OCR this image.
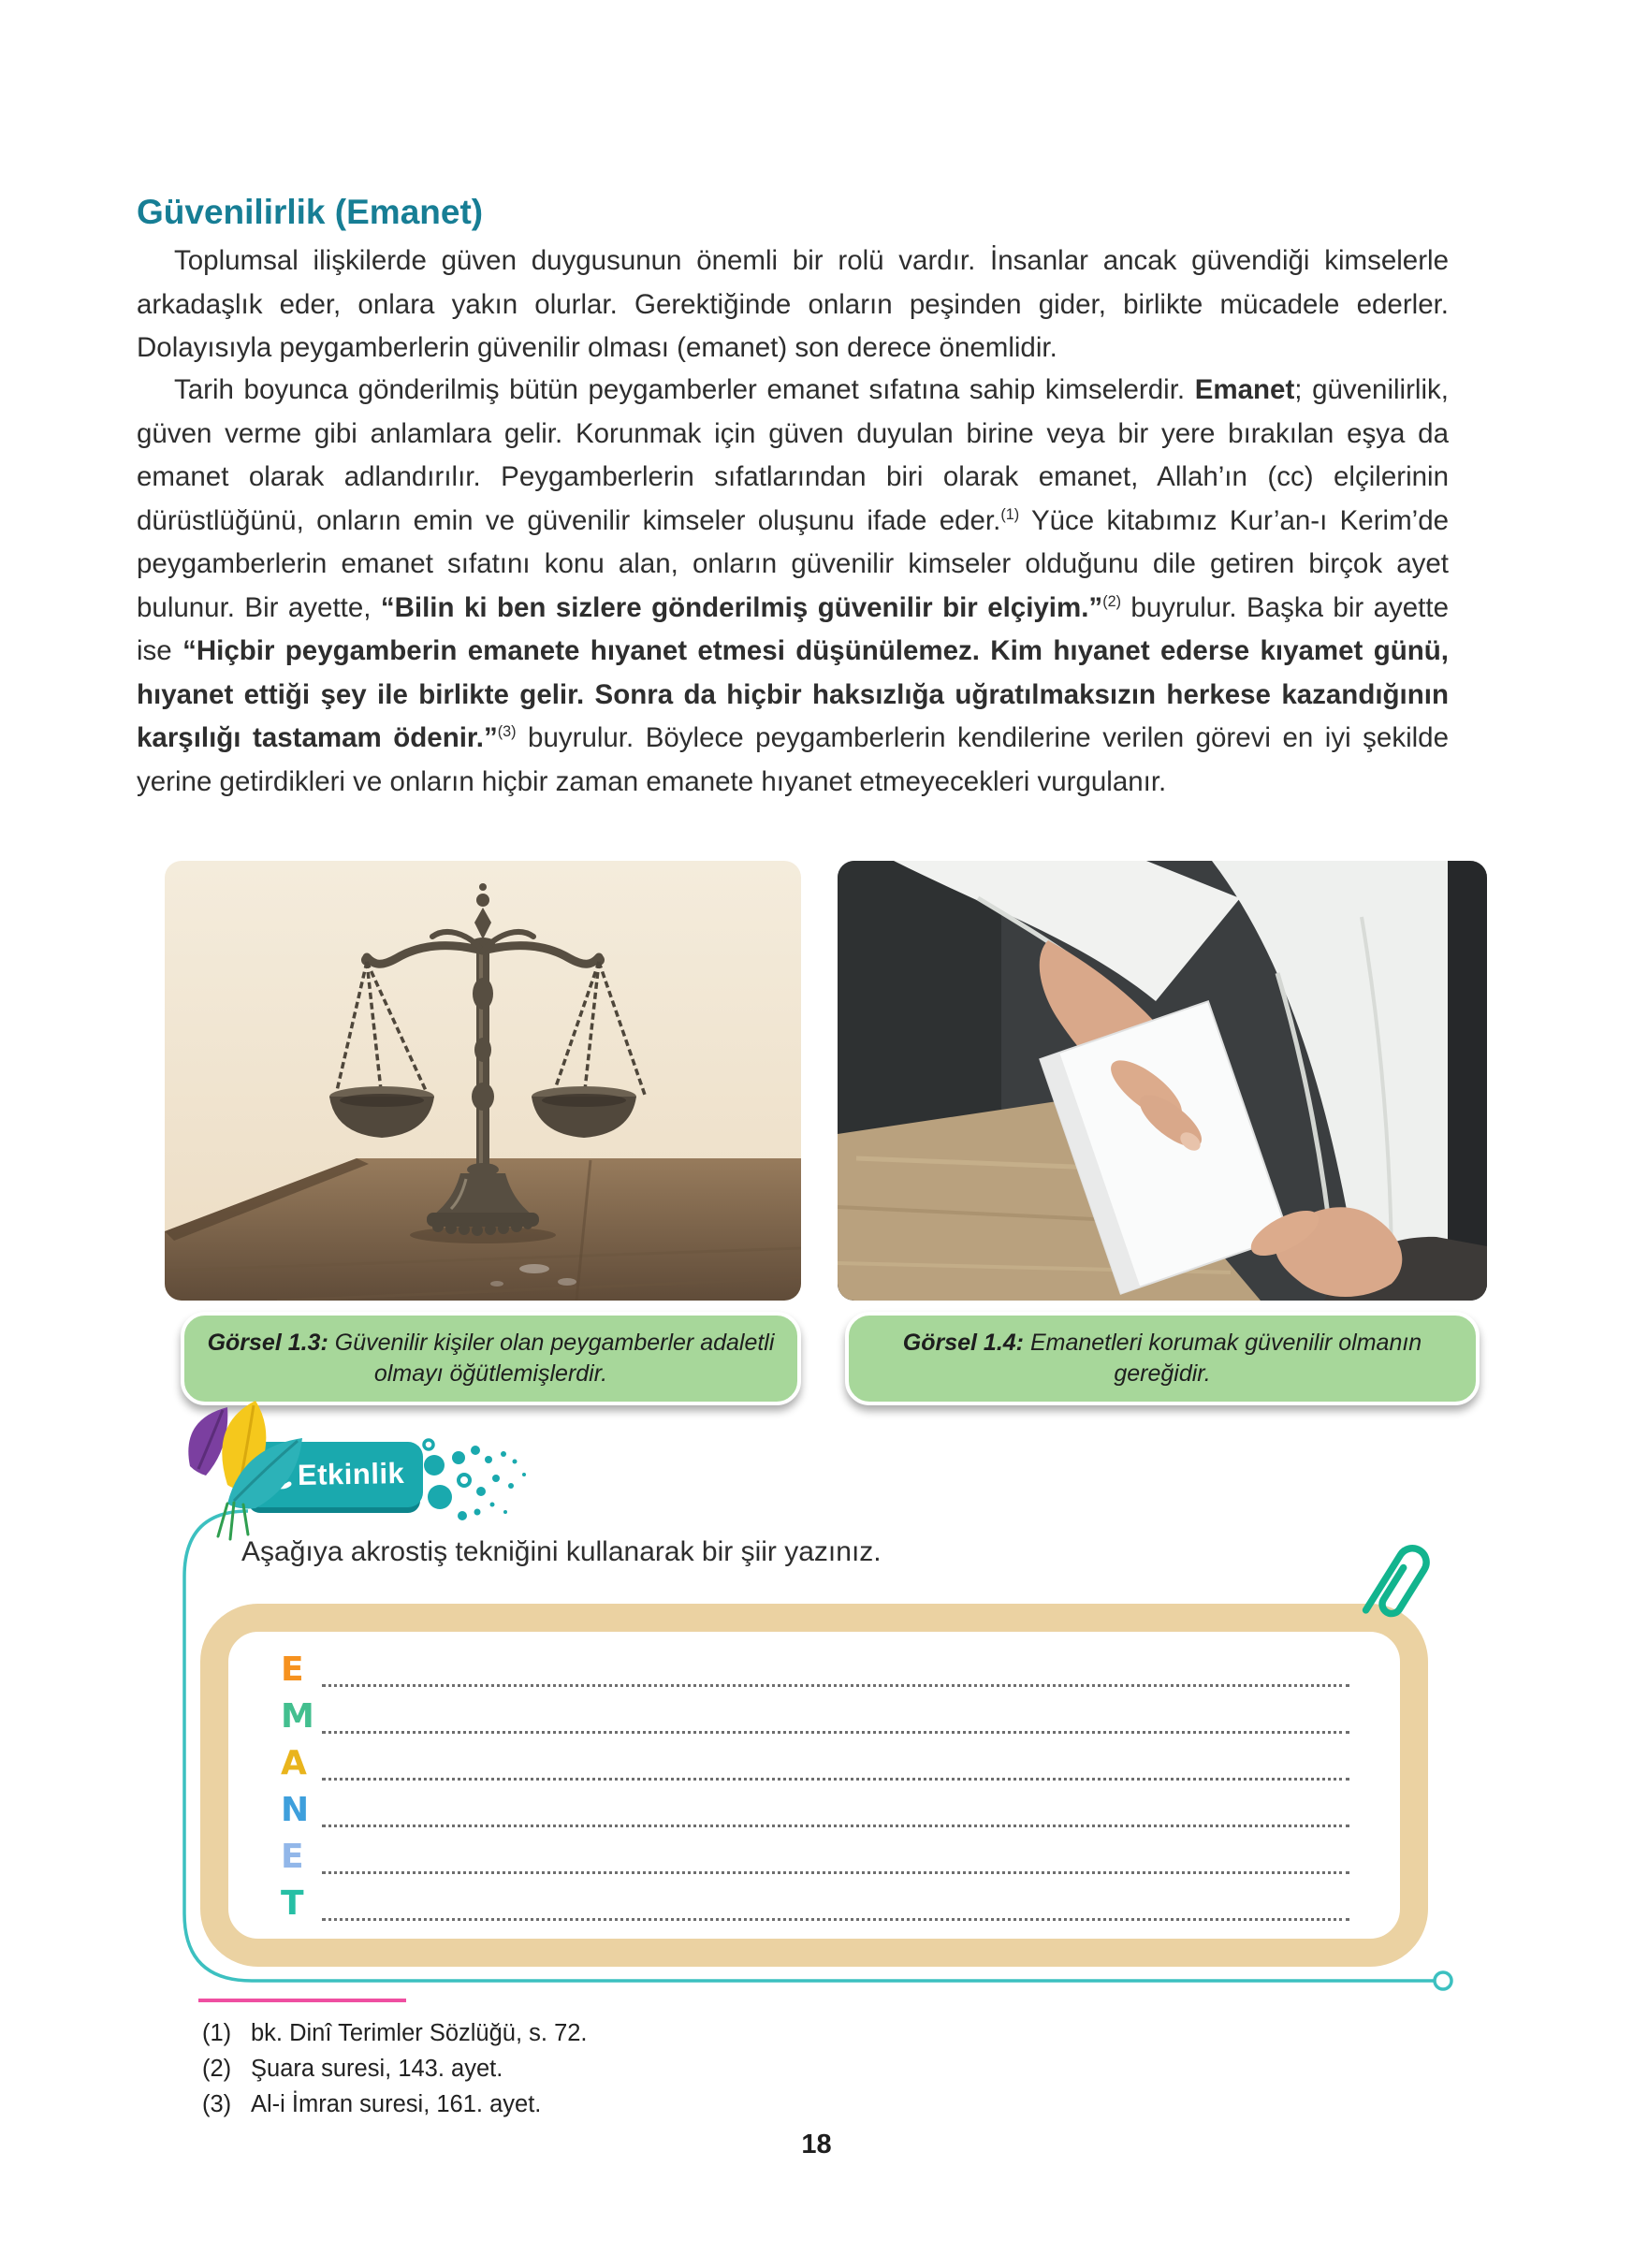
Güvenilirlik (Emanet)

Toplumsal ilişkilerde güven duygusunun önemli bir rolü vardır. İnsanlar ancak güvendiği kimselerle arkadaşlık eder, onlara yakın olurlar. Gerektiğinde onların peşinden gider, birlikte mücadele ederler. Dolayısıyla peygamberlerin güvenilir olması (emanet) son derece önemlidir.

Tarih boyunca gönderilmiş bütün peygamberler emanet sıfatına sahip kimselerdir. Emanet; güvenilirlik, güven verme gibi anlamlara gelir. Korunmak için güven duyulan birine veya bir yere bırakılan eşya da emanet olarak adlandırılır. Peygamberlerin sıfatlarından biri olarak emanet, Allah’ın (cc) elçilerinin dürüstlüğünü, onların emin ve güvenilir kimseler oluşunu ifade eder.$^{(1)}$ Yüce kitabımız Kur’an-ı Kerim’de peygamberlerin emanet sıfatını konu alan, onların güvenilir kimseler olduğunu dile getiren birçok ayet bulunur. Bir ayette, “Bilin ki ben sizlere gönderilmiş güvenilir bir elçiyim.”$^{(2)}$ buyrulur. Başka bir ayette ise “Hiçbir peygamberin emanete hıyanet etmesi düşünülemez. Kim hıyanet ederse kıyamet günü, hıyanet ettiği şey ile birlikte gelir. Sonra da hiçbir haksızlığa uğratılmaksızın herkese kazandığının karşılığı tastamam ödenir.”$^{(3)}$ buyrulur. Böylece peygamberlerin kendilerine verilen görevi en iyi şekilde yerine getirdikleri ve onların hiçbir zaman emanete hıyanet etmeyecekleri vurgulanır.

Görsel 1.3: Güvenilir kişiler olan peygamberler adaletli olmayı öğütlemişlerdir.
Görsel 1.4: Emanetleri korumak güvenilir olmanın gereğidir.
Etkinlik

Aşağıya akrostiş tekniğini kullanarak bir şiir yazınız.

E
M
A
N
E
T
(1) bk. Dinî Terimler Sözlüğü, s. 72.
(2) Şuara suresi, 143. ayet.
(3) Al-i İmran suresi, 161. ayet.
18
